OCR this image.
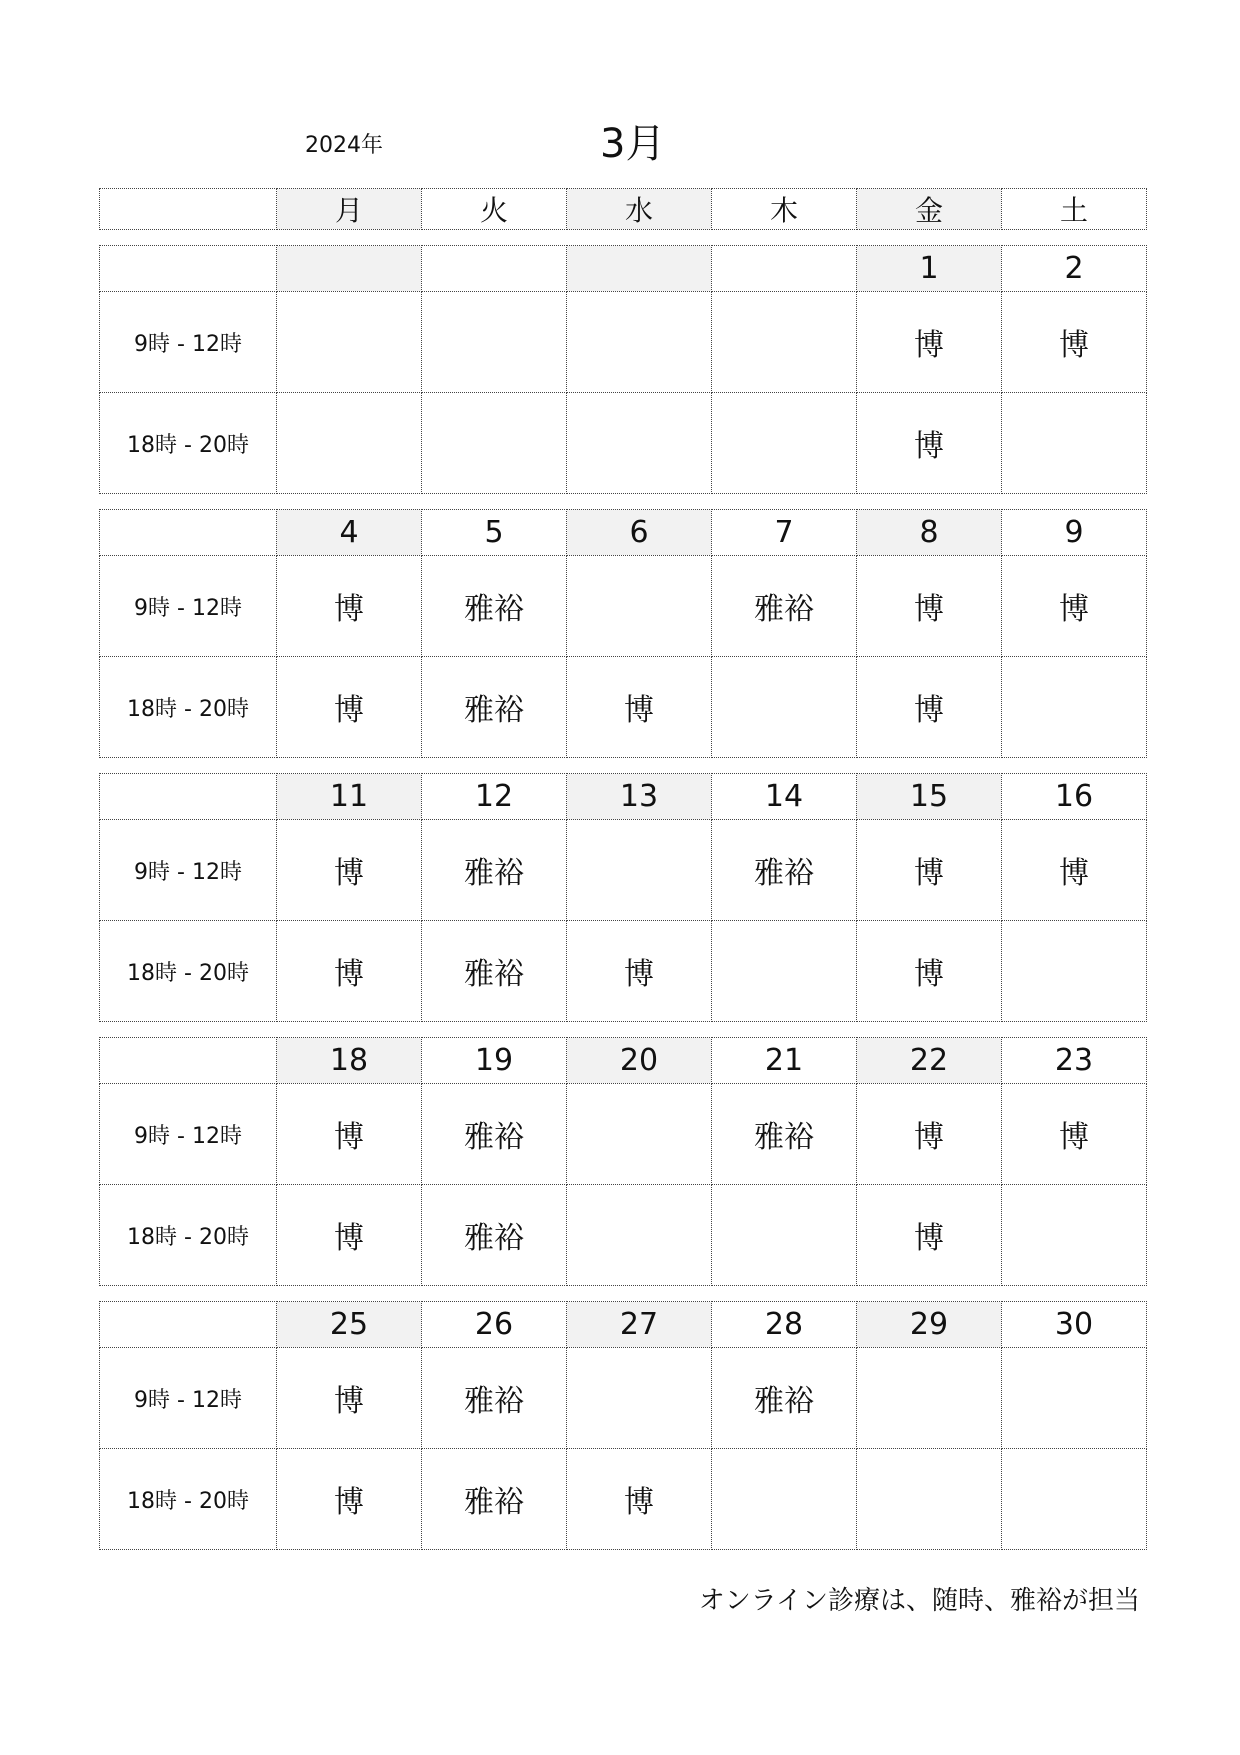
2024年	3月
	月	火	水	木	金	土
					1	2
9時 - 12時					博	博
18時 - 20時					博	
	4	5	6	7	8	9
9時 - 12時	博	雅裕		雅裕	博	博
18時 - 20時	博	雅裕	博		博	
	11	12	13	14	15	16
9時 - 12時	博	雅裕		雅裕	博	博
18時 - 20時	博	雅裕	博		博	
	18	19	20	21	22	23
9時 - 12時	博	雅裕		雅裕	博	博
18時 - 20時	博	雅裕			博	
	25	26	27	28	29	30
9時 - 12時	博	雅裕		雅裕		
18時 - 20時	博	雅裕	博			
オンライン診療は、随時、雅裕が担当
